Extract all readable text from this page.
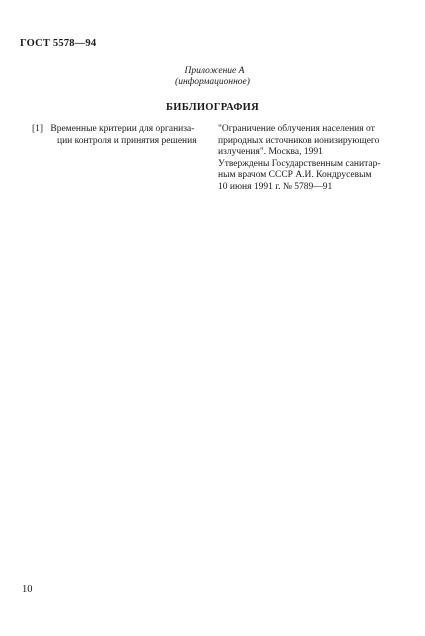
ГОСТ 5578—94
Приложение А
(информационное)
БИБЛИОГРАФИЯ
[1] Временные критерии для организа-
ции контроля и принятия решения
"Ограничение облучения населения от
природных источников ионизирующего
излучения". Москва, 1991
Утверждены Государственным санитар-
ным врачом СССР А.И. Кондрусевым
10 июня 1991 г. № 5789—91
10
